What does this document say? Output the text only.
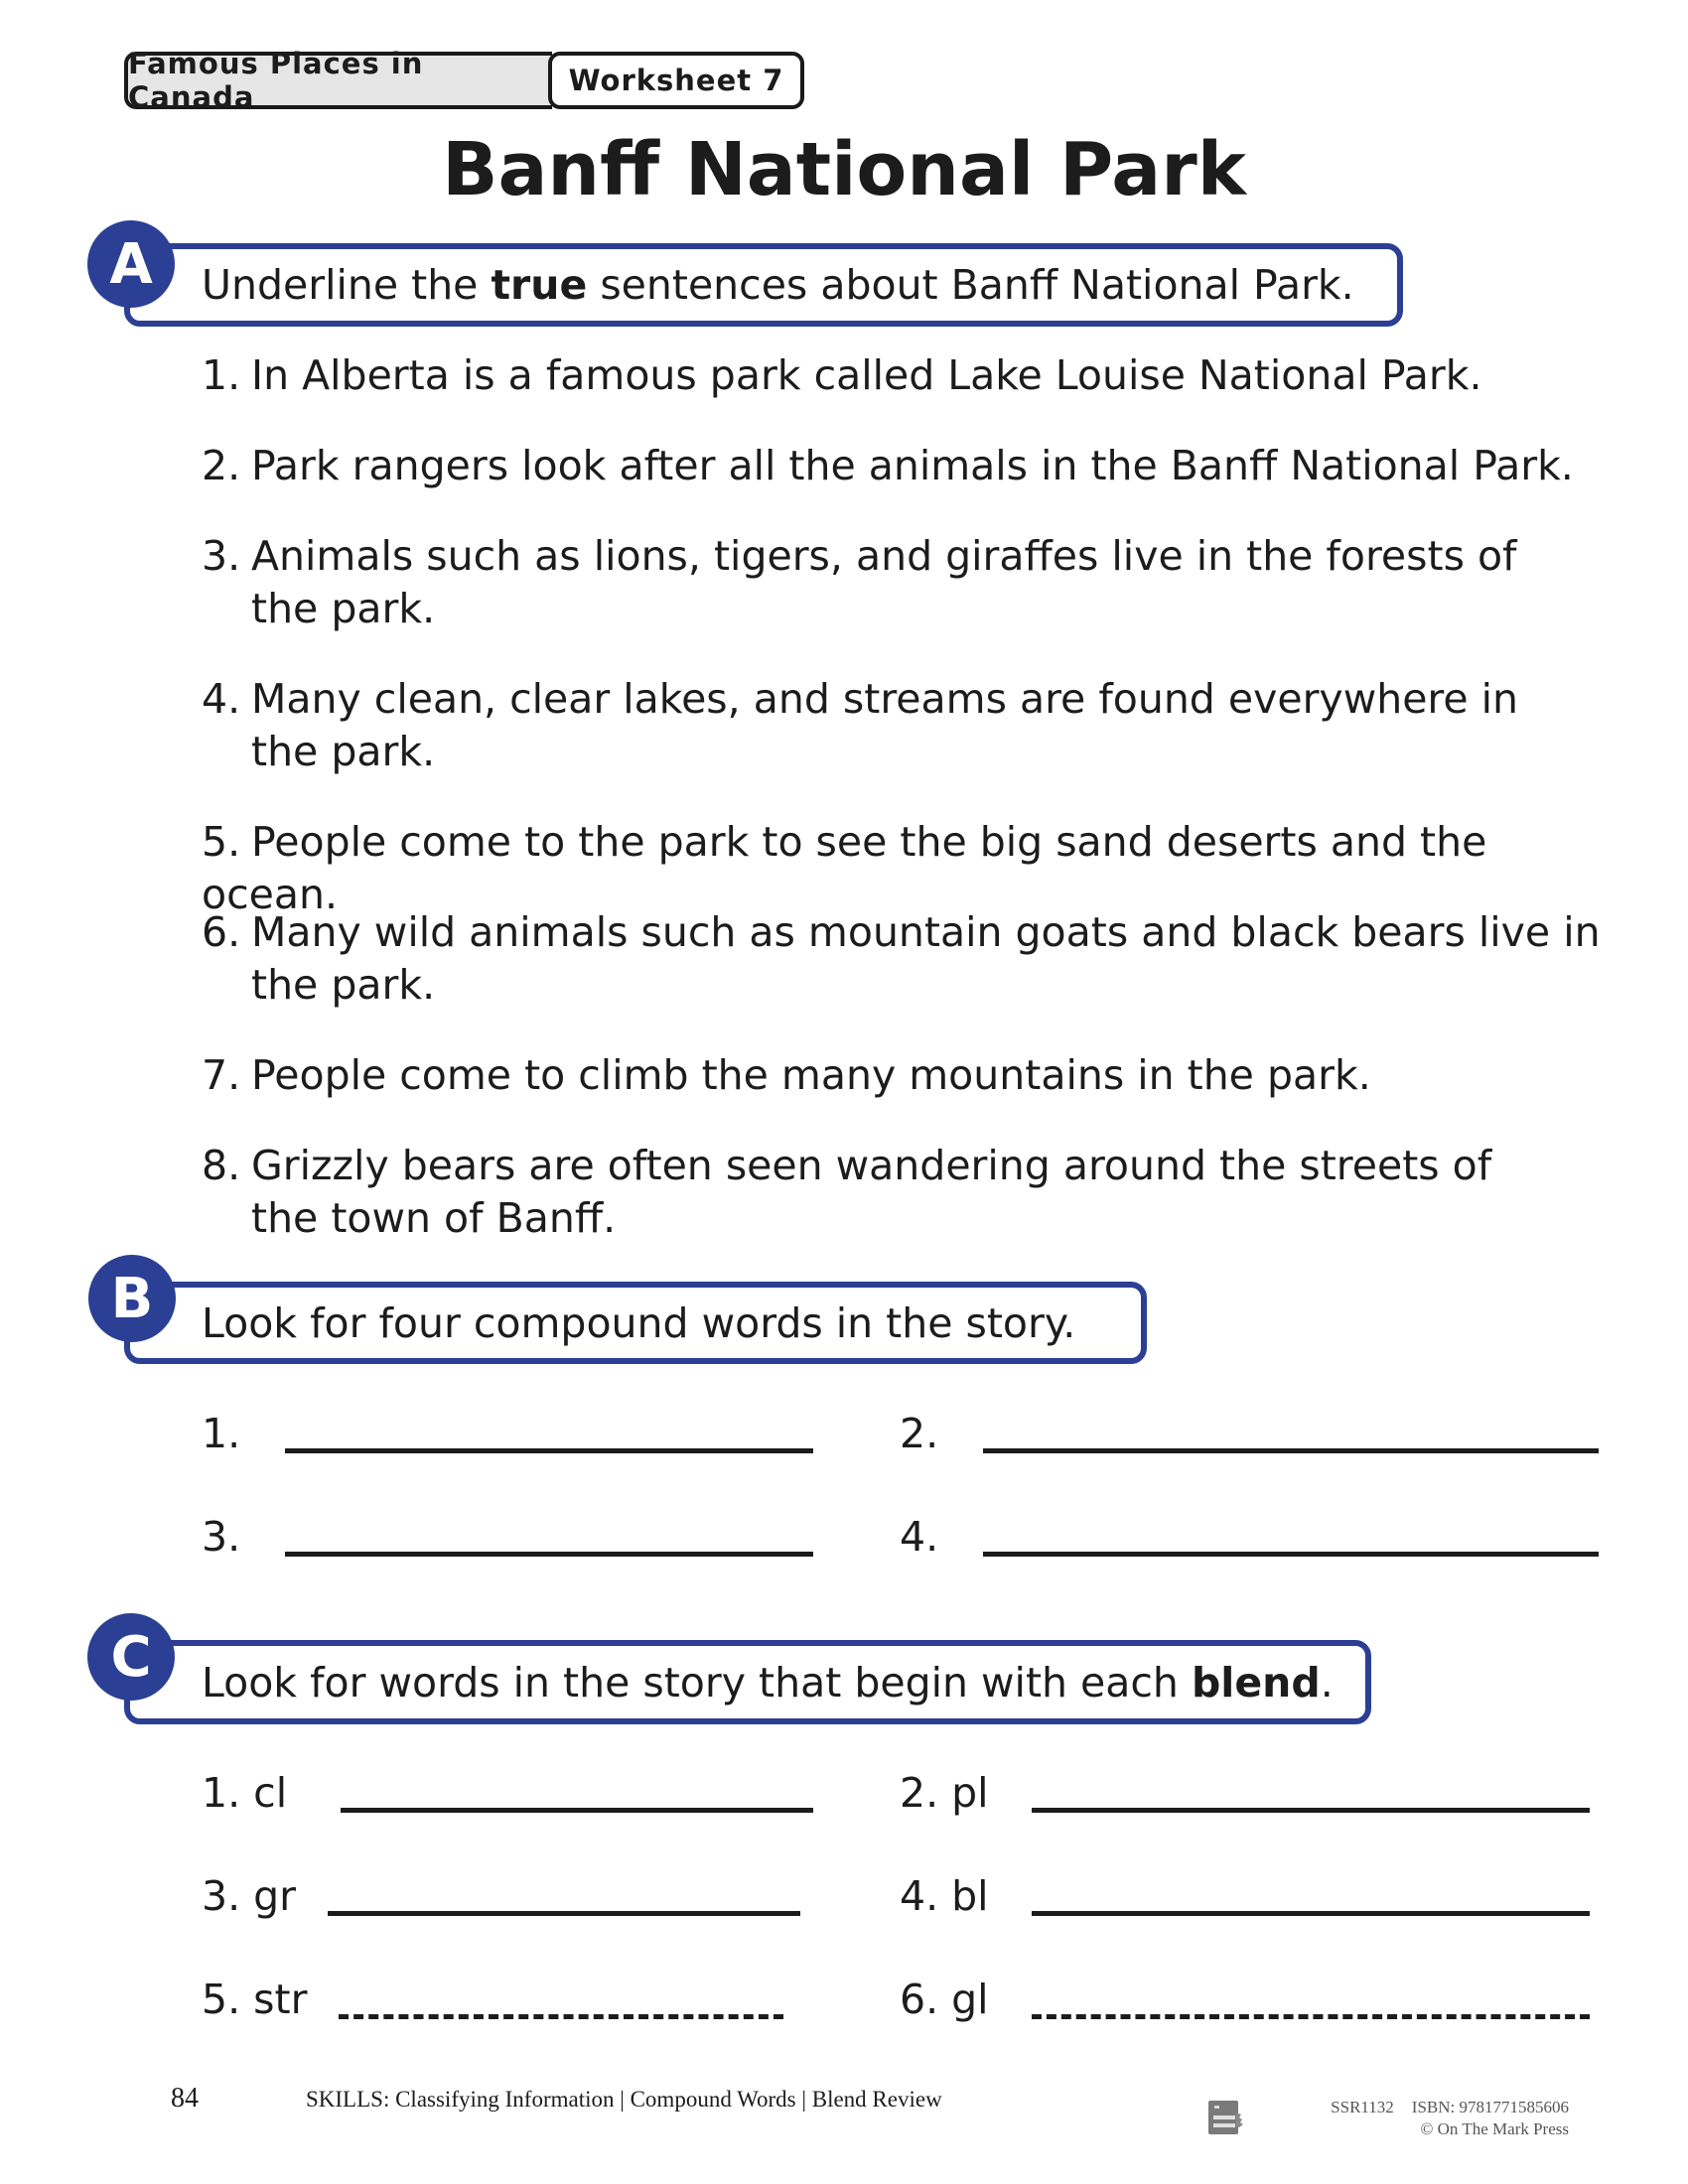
Famous Places in Canada	Worksheet 7
Banff National Park
Underline the true sentences about Banff National Park.
A
1. In Alberta is a famous park called Lake Louise National Park.
2. Park rangers look after all the animals in the Banff National Park.
3. Animals such as lions, tigers, and giraffes live in the forests of
the park.
4. Many clean, clear lakes, and streams are found everywhere in
the park.
5. People come to the park to see the big sand deserts and the ocean.
6. Many wild animals such as mountain goats and black bears live in
the park.
7. People come to climb the many mountains in the park.
8. Grizzly bears are often seen wandering around the streets of
the town of Banff.
Look for four compound words in the story.
B
1.	2.
3.	4.
Look for words in the story that begin with each blend.
C
1. cl	2. pl
3. gr	4. bl
5. str	6. gl
84	SKILLS: Classifying Information | Compound Words | Blend Review	SSR1132 ISBN: 9781771585606
© On The Mark Press
